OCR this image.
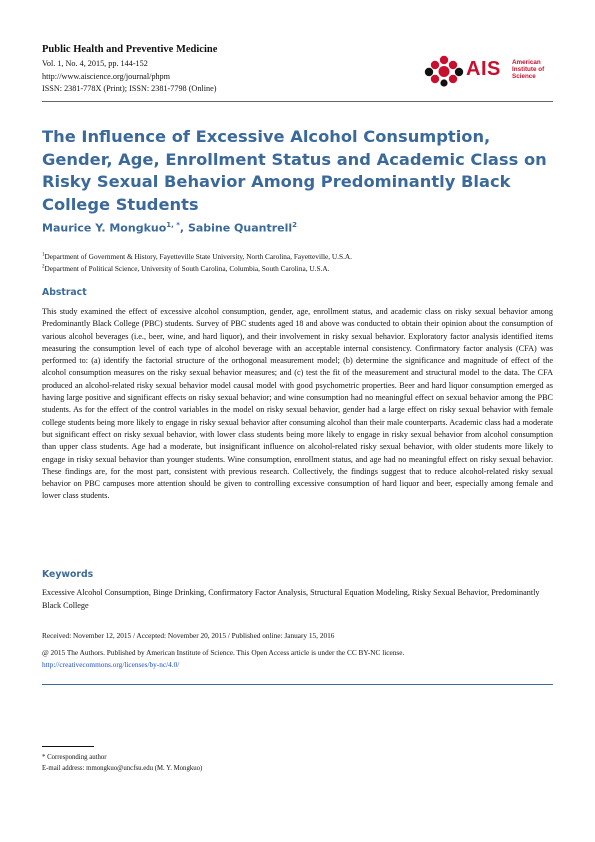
Public Health and Preventive Medicine

Vol. 1, No. 4, 2015, pp. 144-152

http://www.aiscience.org/journal/phpm

ISSN: 2381-778X (Print); ISSN: 2381-7798 (Online)

AIS American
Institute of
Science
The Influence of Excessive Alcohol Consumption, Gender, Age, Enrollment Status and Academic Class on Risky Sexual Behavior Among Predominantly Black College Students

Maurice Y. Mongkuo$^{1, *}$, Sabine Quantrell$^2$

$^1$Department of Government & History, Fayetteville State University, North Carolina, Fayetteville, U.S.A.

$^2$Department of Political Science, University of South Carolina, Columbia, South Carolina, U.S.A.

Abstract

This study examined the effect of excessive alcohol consumption, gender, age, enrollment status, and academic class on risky sexual behavior among Predominantly Black College (PBC) students. Survey of PBC students aged 18 and above was conducted to obtain their opinion about the consumption of various alcohol beverages (i.e., beer, wine, and hard liquor), and their involvement in risky sexual behavior. Exploratory factor analysis identified items measuring the consumption level of each type of alcohol beverage with an acceptable internal consistency. Confirmatory factor analysis (CFA) was performed to: (a) identify the factorial structure of the orthogonal measurement model; (b) determine the significance and magnitude of effect of the alcohol consumption measures on the risky sexual behavior measures; and (c) test the fit of the measurement and structural model to the data. The CFA produced an alcohol-related risky sexual behavior model causal model with good psychometric properties. Beer and hard liquor consumption emerged as having large positive and significant effects on risky sexual behavior; and wine consumption had no meaningful effect on sexual behavior among the PBC students. As for the effect of the control variables in the model on risky sexual behavior, gender had a large effect on risky sexual behavior with female college students being more likely to engage in risky sexual behavior after consuming alcohol than their male counterparts. Academic class had a moderate but significant effect on risky sexual behavior, with lower class students being more likely to engage in risky sexual behavior from alcohol consumption than upper class students. Age had a moderate, but insignificant influence on alcohol-related risky sexual behavior, with older students more likely to engage in risky sexual behavior than younger students. Wine consumption, enrollment status, and age had no meaningful effect on risky sexual behavior. These findings are, for the most part, consistent with previous research. Collectively, the findings suggest that to reduce alcohol-related risky sexual behavior on PBC campuses more attention should be given to controlling excessive consumption of hard liquor and beer, especially among female and lower class students.

Keywords

Excessive Alcohol Consumption, Binge Drinking, Confirmatory Factor Analysis, Structural Equation Modeling, Risky Sexual Behavior, Predominantly Black College

Received: November 12, 2015 / Accepted: November 20, 2015 / Published online: January 15, 2016

@ 2015 The Authors. Published by American Institute of Science. This Open Access article is under the CC BY-NC license.

http://creativecommons.org/licenses/by-nc/4.0/

* Corresponding author

E-mail address: mmongkuo@uncfsu.edu (M. Y. Mongkuo)
